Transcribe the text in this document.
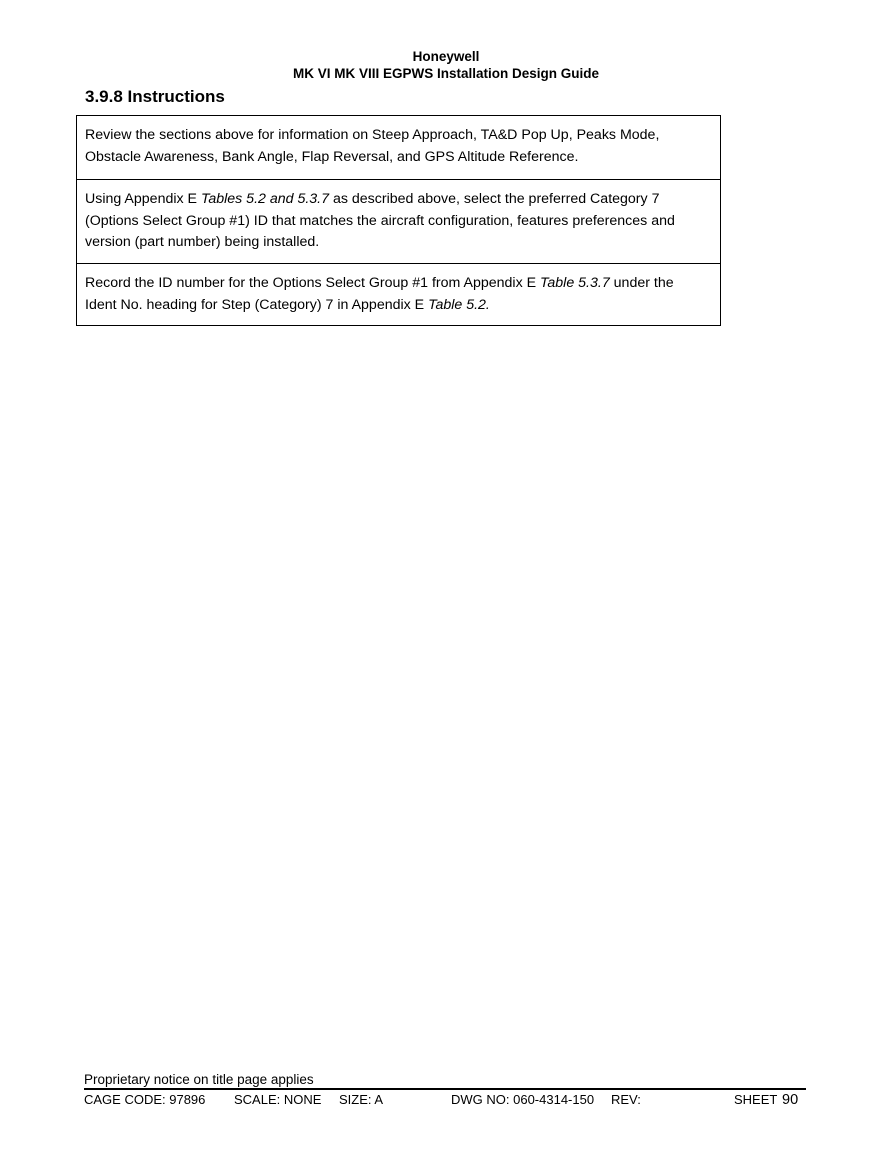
Honeywell
MK VI MK VIII EGPWS Installation Design Guide
3.9.8 Instructions
Review the sections above for information on Steep Approach, TA&D Pop Up, Peaks Mode, Obstacle Awareness, Bank Angle, Flap Reversal, and GPS Altitude Reference.
Using Appendix E Tables 5.2 and 5.3.7 as described above, select the preferred Category 7 (Options Select Group #1) ID that matches the aircraft configuration, features preferences and version (part number) being installed.
Record the ID number for the Options Select Group #1 from Appendix E Table 5.3.7 under the Ident No. heading for Step (Category) 7 in Appendix E Table 5.2.
Proprietary notice on title page applies
CAGE CODE: 97896 SCALE: NONE SIZE: A	DWG NO: 060-4314-150 REV:	SHEET 90
